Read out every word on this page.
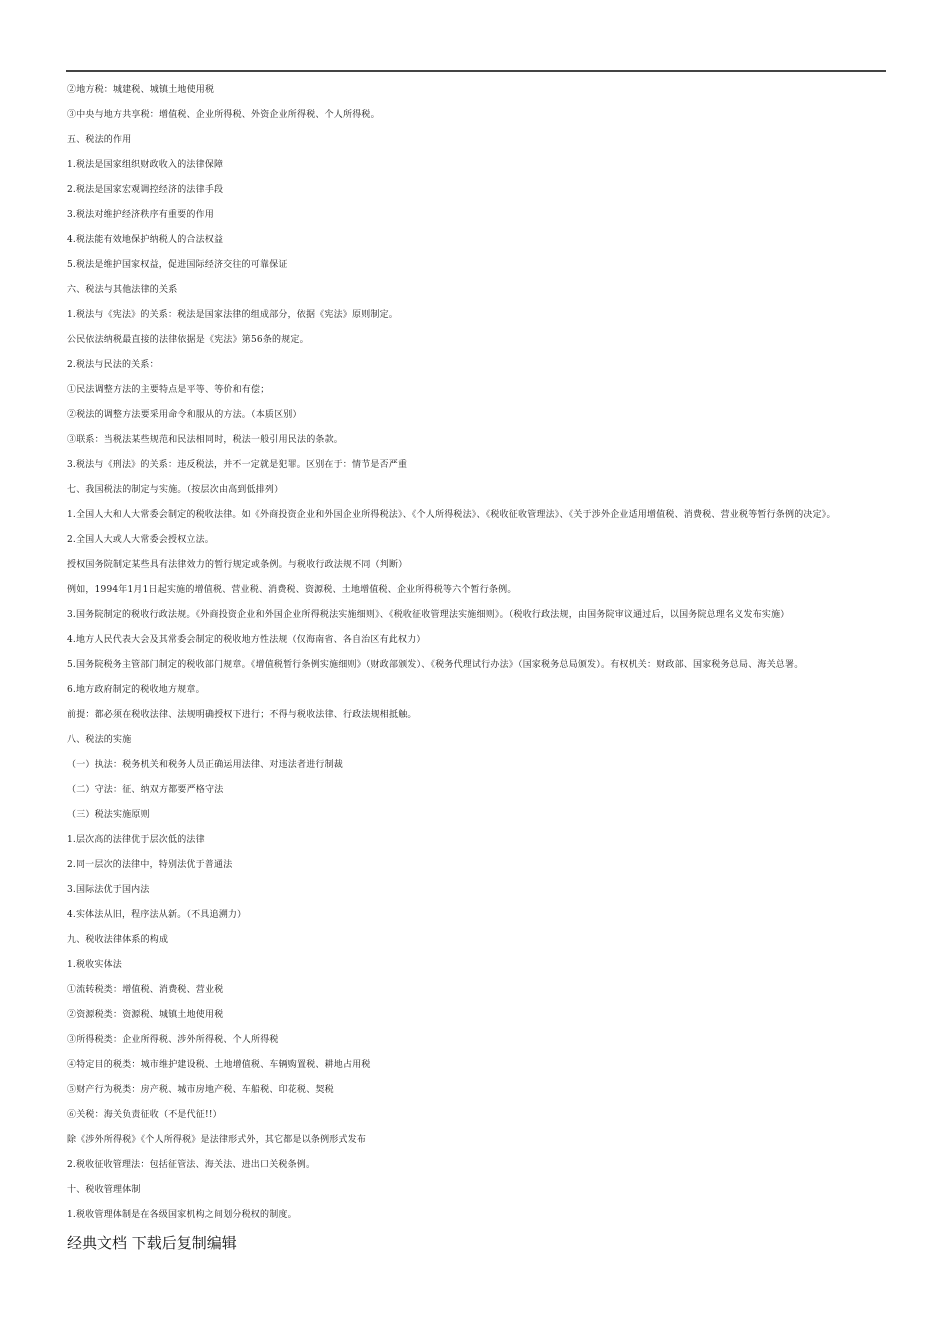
②地方税：城建税、城镇土地使用税
③中央与地方共享税：增值税、企业所得税、外资企业所得税、个人所得税。
五、税法的作用
1.税法是国家组织财政收入的法律保障
2.税法是国家宏观调控经济的法律手段
3.税法对维护经济秩序有重要的作用
4.税法能有效地保护纳税人的合法权益
5.税法是维护国家权益，促进国际经济交往的可靠保证
六、税法与其他法律的关系
1.税法与《宪法》的关系：税法是国家法律的组成部分，依据《宪法》原则制定。
公民依法纳税最直接的法律依据是《宪法》第56条的规定。
2.税法与民法的关系：
①民法调整方法的主要特点是平等、等价和有偿；
②税法的调整方法要采用命令和服从的方法。（本质区别）
③联系：当税法某些规范和民法相同时，税法一般引用民法的条款。
3.税法与《刑法》的关系：违反税法，并不一定就是犯罪。区别在于：情节是否严重
七、我国税法的制定与实施。（按层次由高到低排列）
1.全国人大和人大常委会制定的税收法律。如《外商投资企业和外国企业所得税法》、《个人所得税法》、《税收征收管理法》、《关于涉外企业适用增值税、消费税、营业税等暂行条例的决定》。
2.全国人大或人大常委会授权立法。
授权国务院制定某些具有法律效力的暂行规定或条例。与税收行政法规不同（判断）
例如，1994年1月1日起实施的增值税、营业税、消费税、资源税、土地增值税、企业所得税等六个暂行条例。
3.国务院制定的税收行政法规。《外商投资企业和外国企业所得税法实施细则》、《税收征收管理法实施细则》。（税收行政法规，由国务院审议通过后，以国务院总理名义发布实施）
4.地方人民代表大会及其常委会制定的税收地方性法规（仅海南省、各自治区有此权力）
5.国务院税务主管部门制定的税收部门规章。《增值税暂行条例实施细则》（财政部颁发）、《税务代理试行办法》（国家税务总局颁发）。有权机关：财政部、国家税务总局、海关总署。
6.地方政府制定的税收地方规章。
前提：都必须在税收法律、法规明确授权下进行；不得与税收法律、行政法规相抵触。
八、税法的实施
（一）执法：税务机关和税务人员正确运用法律、对违法者进行制裁
（二）守法：征、纳双方都要严格守法
（三）税法实施原则
1.层次高的法律优于层次低的法律
2.同一层次的法律中，特别法优于普通法
3.国际法优于国内法
4.实体法从旧，程序法从新。（不具追溯力）
九、税收法律体系的构成
1.税收实体法
①流转税类：增值税、消费税、营业税
②资源税类：资源税、城镇土地使用税
③所得税类：企业所得税、涉外所得税、个人所得税
④特定目的税类：城市维护建设税、土地增值税、车辆购置税、耕地占用税
⑤财产行为税类：房产税、城市房地产税、车船税、印花税、契税
⑥关税：海关负责征收（不是代征!!）
除《涉外所得税》《个人所得税》是法律形式外，其它都是以条例形式发布
2.税收征收管理法：包括征管法、海关法、进出口关税条例。
十、税收管理体制
1.税收管理体制是在各级国家机构之间划分税权的制度。
经典文档 下载后复制编辑
